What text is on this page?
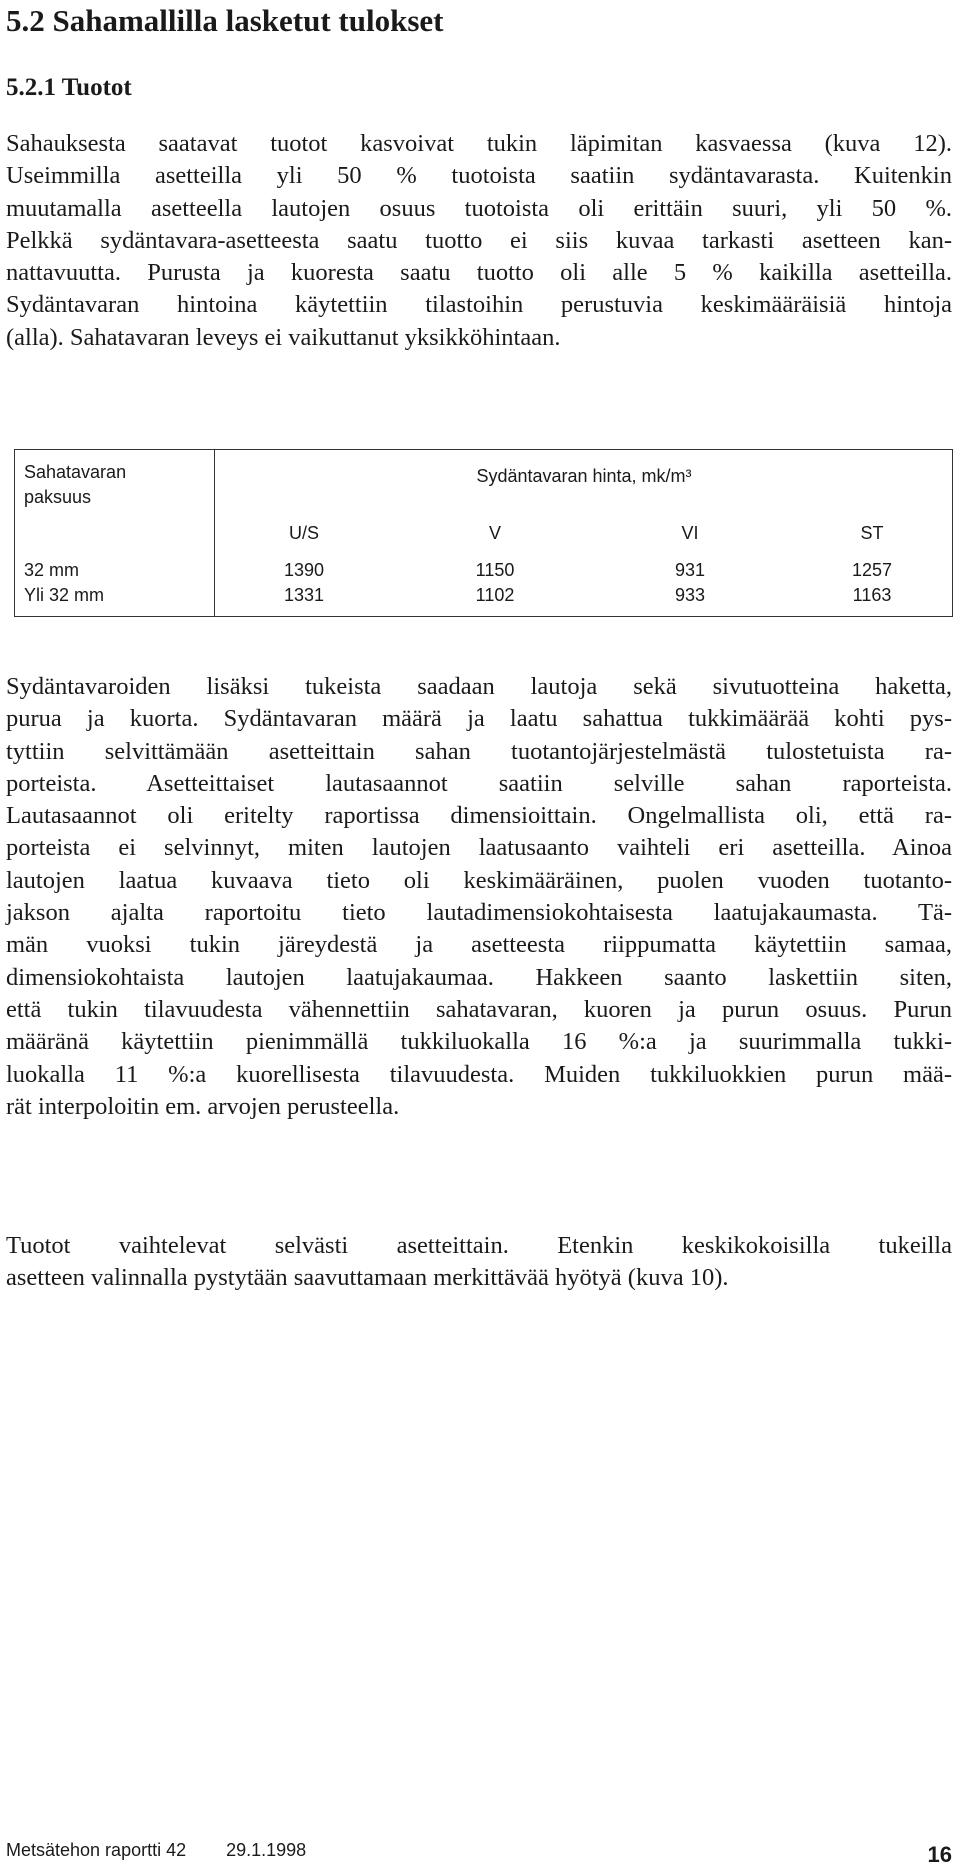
5.2 Sahamallilla lasketut tulokset
5.2.1 Tuotot
Sahauksesta saatavat tuotot kasvoivat tukin läpimitan kasvaessa (kuva 12).
Useimmilla asetteilla yli 50 % tuotoista saatiin sydäntavarasta. Kuitenkin
muutamalla asetteella lautojen osuus tuotoista oli erittäin suuri, yli 50 %.
Pelkkä sydäntavara-asetteesta saatu tuotto ei siis kuvaa tarkasti asetteen kan-
nattavuutta. Purusta ja kuoresta saatu tuotto oli alle 5 % kaikilla asetteilla.
Sydäntavaran hintoina käytettiin tilastoihin perustuvia keskimääräisiä hintoja
(alla). Sahatavaran leveys ei vaikuttanut yksikköhintaan.
Sahatavaran
paksuus
Sydäntavaran hinta, mk/m³
U/S	V	VI	ST
32 mm	1390	1150	931	1257
Yli 32 mm	1331	1102	933	1163
Sydäntavaroiden lisäksi tukeista saadaan lautoja sekä sivutuotteina haketta,
purua ja kuorta. Sydäntavaran määrä ja laatu sahattua tukkimäärää kohti pys-
tyttiin selvittämään asetteittain sahan tuotantojärjestelmästä tulostetuista ra-
porteista. Asetteittaiset lautasaannot saatiin selville sahan raporteista.
Lautasaannot oli eritelty raportissa dimensioittain. Ongelmallista oli, että ra-
porteista ei selvinnyt, miten lautojen laatusaanto vaihteli eri asetteilla. Ainoa
lautojen laatua kuvaava tieto oli keskimääräinen, puolen vuoden tuotanto-
jakson ajalta raportoitu tieto lautadimensiokohtaisesta laatujakaumasta. Tä-
män vuoksi tukin järeydestä ja asetteesta riippumatta käytettiin samaa,
dimensiokohtaista lautojen laatujakaumaa. Hakkeen saanto laskettiin siten,
että tukin tilavuudesta vähennettiin sahatavaran, kuoren ja purun osuus. Purun
määränä käytettiin pienimmällä tukkiluokalla 16 %:a ja suurimmalla tukki-
luokalla 11 %:a kuorellisesta tilavuudesta. Muiden tukkiluokkien purun mää-
rät interpoloitin em. arvojen perusteella.
Tuotot vaihtelevat selvästi asetteittain. Etenkin keskikokoisilla tukeilla
asetteen valinnalla pystytään saavuttamaan merkittävää hyötyä (kuva 10).
Metsätehon raportti 42 29.1.1998	16
